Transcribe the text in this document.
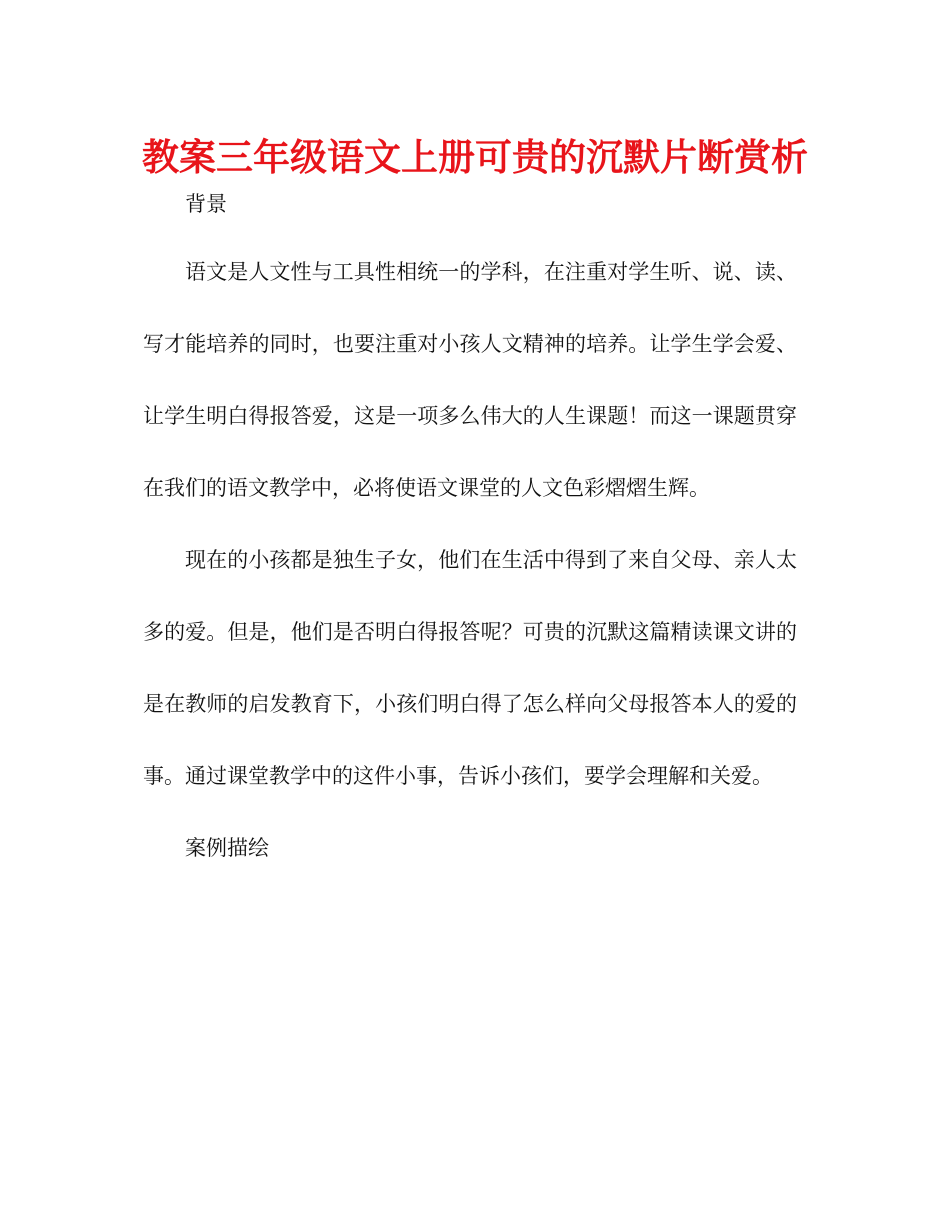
教案三年级语文上册可贵的沉默片断赏析

背景

语文是人文性与工具性相统一的学科，在注重对学生听、说、读、写才能培养的同时，也要注重对小孩人文精神的培养。让学生学会爱、让学生明白得报答爱，这是一项多么伟大的人生课题！而这一课题贯穿在我们的语文教学中，必将使语文课堂的人文色彩熠熠生辉。

现在的小孩都是独生子女，他们在生活中得到了来自父母、亲人太多的爱。但是，他们是否明白得报答呢？可贵的沉默这篇精读课文讲的是在教师的启发教育下，小孩们明白得了怎么样向父母报答本人的爱的事。通过课堂教学中的这件小事，告诉小孩们，要学会理解和关爱。

案例描绘
